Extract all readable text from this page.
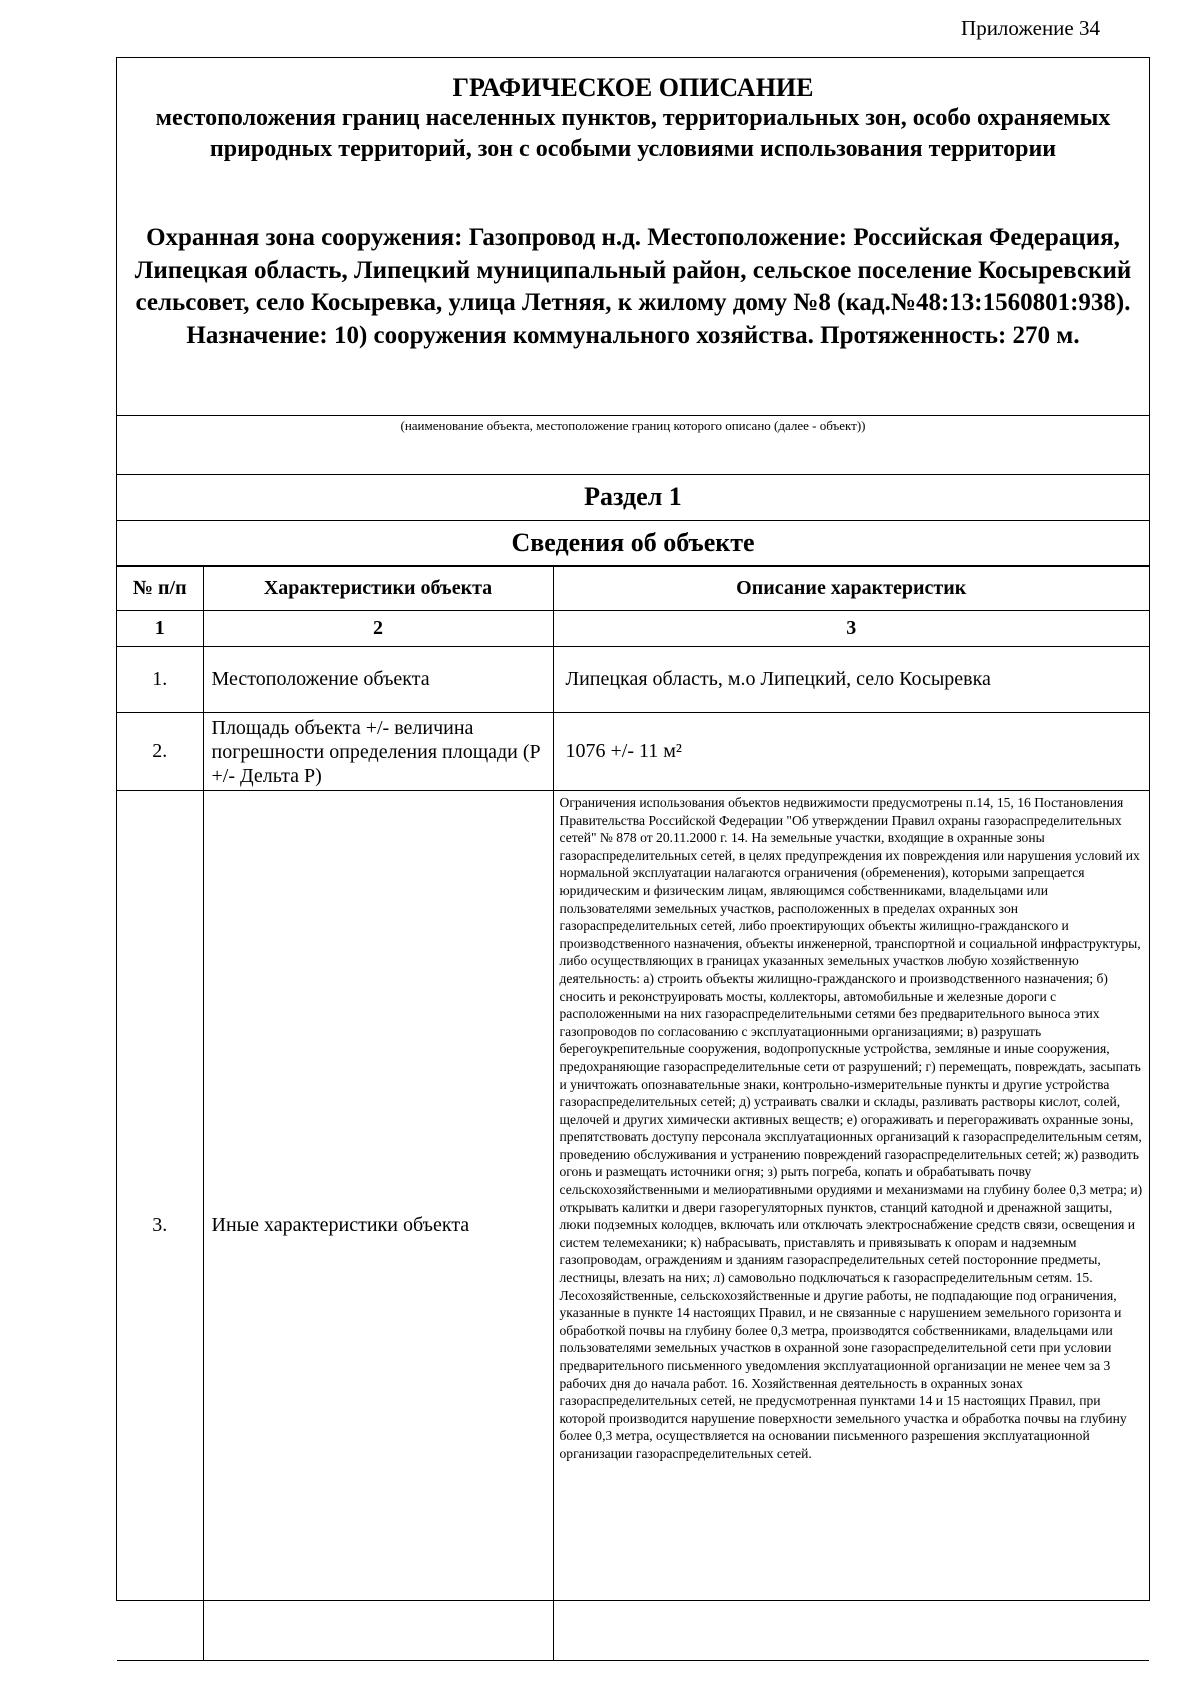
Приложение 34
ГРАФИЧЕСКОЕ ОПИСАНИЕ
местоположения границ населенных пунктов, территориальных зон, особо охраняемых природных территорий, зон с особыми условиями использования территории
Охранная зона сооружения: Газопровод н.д. Местоположение: Российская Федерация, Липецкая область, Липецкий муниципальный район, сельское поселение Косыревский сельсовет, село Косыревка, улица Летняя, к жилому дому №8 (кад.№48:13:1560801:938). Назначение: 10) сооружения коммунального хозяйства. Протяженность: 270 м.
(наименование объекта, местоположение границ которого описано (далее - объект))
Раздел 1
Сведения об объекте
№ п/п	Характеристики объекта	Описание характеристик
1	2	3
1.	Местоположение объекта	Липецкая область, м.о Липецкий, село Косыревка
2.	Площадь объекта +/- величина погрешности определения площади (Р +/- Дельта Р)	1076 +/- 11 м²
3.	Иные характеристики объекта	Ограничения использования объектов недвижимости предусмотрены п.14, 15, 16 Постановления Правительства Российской Федерации "Об утверждении Правил охраны газораспределительных сетей" № 878 от 20.11.2000 г. 14. На земельные участки, входящие в охранные зоны газораспределительных сетей, в целях предупреждения их повреждения или нарушения условий их нормальной эксплуатации налагаются ограничения (обременения), которыми запрещается юридическим и физическим лицам, являющимся собственниками, владельцами или пользователями земельных участков, расположенных в пределах охранных зон газораспределительных сетей, либо проектирующих объекты жилищно-гражданского и производственного назначения, объекты инженерной, транспортной и социальной инфраструктуры, либо осуществляющих в границах указанных земельных участков любую хозяйственную деятельность: а) строить объекты жилищно-гражданского и производственного назначения; б) сносить и реконструировать мосты, коллекторы, автомобильные и железные дороги с расположенными на них газораспределительными сетями без предварительного выноса этих газопроводов по согласованию с эксплуатационными организациями; в) разрушать берегоукрепительные сооружения, водопропускные устройства, земляные и иные сооружения, предохраняющие газораспределительные сети от разрушений; г) перемещать, повреждать, засыпать и уничтожать опознавательные знаки, контрольно-измерительные пункты и другие устройства газораспределительных сетей; д) устраивать свалки и склады, разливать растворы кислот, солей, щелочей и других химически активных веществ; е) огораживать и перегораживать охранные зоны, препятствовать доступу персонала эксплуатационных организаций к газораспределительным сетям, проведению обслуживания и устранению повреждений газораспределительных сетей; ж) разводить огонь и размещать источники огня; з) рыть погреба, копать и обрабатывать почву сельскохозяйственными и мелиоративными орудиями и механизмами на глубину более 0,3 метра; и) открывать калитки и двери газорегуляторных пунктов, станций катодной и дренажной защиты, люки подземных колодцев, включать или отключать электроснабжение средств связи, освещения и систем телемеханики; к) набрасывать, приставлять и привязывать к опорам и надземным газопроводам, ограждениям и зданиям газораспределительных сетей посторонние предметы, лестницы, влезать на них; л) самовольно подключаться к газораспределительным сетям. 15. Лесохозяйственные, сельскохозяйственные и другие работы, не подпадающие под ограничения, указанные в пункте 14 настоящих Правил, и не связанные с нарушением земельного горизонта и обработкой почвы на глубину более 0,3 метра, производятся собственниками, владельцами или пользователями земельных участков в охранной зоне газораспределительной сети при условии предварительного письменного уведомления эксплуатационной организации не менее чем за 3 рабочих дня до начала работ. 16. Хозяйственная деятельность в охранных зонах газораспределительных сетей, не предусмотренная пунктами 14 и 15 настоящих Правил, при которой производится нарушение поверхности земельного участка и обработка почвы на глубину более 0,3 метра, осуществляется на основании письменного разрешения эксплуатационной организации газораспределительных сетей.
